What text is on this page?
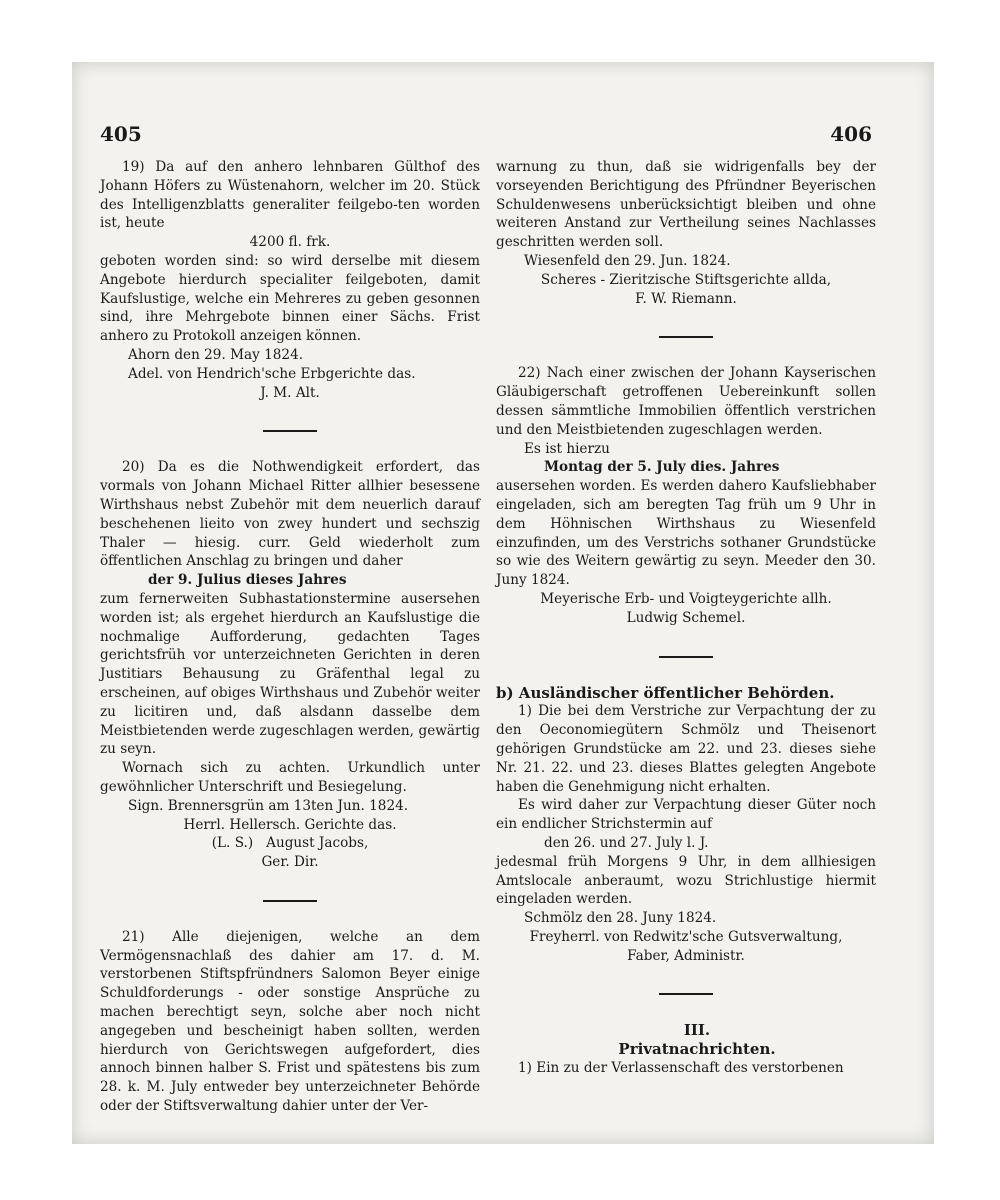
405	406

19) Da auf den anhero lehnbaren Gülthof des Johann Höfers zu Wüstenahorn, welcher im 20. Stück des Intelligenzblatts generaliter feilgebo-ten worden ist, heute

4200 fl. frk.

geboten worden sind: so wird derselbe mit diesem Angebote hierdurch specialiter feilgeboten, damit Kaufslustige, welche ein Mehreres zu geben gesonnen sind, ihre Mehrgebote binnen einer Sächs. Frist anhero zu Protokoll anzeigen können.

Ahorn den 29. May 1824.

Adel. von Hendrich'sche Erbgerichte das.

J. M. Alt.

20) Da es die Nothwendigkeit erfordert, das vormals von Johann Michael Ritter allhier besessene Wirthshaus nebst Zubehör mit dem neuerlich darauf beschehenen lieito von zwey hundert und sechszig Thaler — hiesig. curr. Geld wiederholt zum öffentlichen Anschlag zu bringen und daher

der 9. Julius dieses Jahres

zum fernerweiten Subhastationstermine ausersehen worden ist; als ergehet hierdurch an Kaufslustige die nochmalige Aufforderung, gedachten Tages gerichtsfrüh vor unterzeichneten Gerichten in deren Justitiars Behausung zu Gräfenthal legal zu erscheinen, auf obiges Wirthshaus und Zubehör weiter zu licitiren und, daß alsdann dasselbe dem Meistbietenden werde zugeschlagen werden, gewärtig zu seyn.

Wornach sich zu achten. Urkundlich unter gewöhnlicher Unterschrift und Besiegelung.

Sign. Brennersgrün am 13ten Jun. 1824.

Herrl. Hellersch. Gerichte das.

(L. S.) August Jacobs,

Ger. Dir.

21) Alle diejenigen, welche an dem Vermögensnachlaß des dahier am 17. d. M. verstorbenen Stiftspfründners Salomon Beyer einige Schuldforderungs - oder sonstige Ansprüche zu machen berechtigt seyn, solche aber noch nicht angegeben und bescheinigt haben sollten, werden hierdurch von Gerichtswegen aufgefordert, dies annoch binnen halber S. Frist und spätestens bis zum 28. k. M. July entweder bey unterzeichneter Behörde oder der Stiftsverwaltung dahier unter der Ver-

warnung zu thun, daß sie widrigenfalls bey der vorseyenden Berichtigung des Pfründner Beyerischen Schuldenwesens unberücksichtigt bleiben und ohne weiteren Anstand zur Vertheilung seines Nachlasses geschritten werden soll.

Wiesenfeld den 29. Jun. 1824.

Scheres - Zieritzische Stiftsgerichte allda,

F. W. Riemann.

22) Nach einer zwischen der Johann Kayserischen Gläubigerschaft getroffenen Uebereinkunft sollen dessen sämmtliche Immobilien öffentlich verstrichen und den Meistbietenden zugeschlagen werden.

Es ist hierzu

Montag der 5. July dies. Jahres

ausersehen worden. Es werden dahero Kaufsliebhaber eingeladen, sich am beregten Tag früh um 9 Uhr in dem Höhnischen Wirthshaus zu Wiesenfeld einzufinden, um des Verstrichs sothaner Grundstücke so wie des Weitern gewärtig zu seyn. Meeder den 30. Juny 1824.

Meyerische Erb- und Voigteygerichte allh.

Ludwig Schemel.

b) Ausländischer öffentlicher Behörden.

1) Die bei dem Verstriche zur Verpachtung der zu den Oeconomiegütern Schmölz und Theisenort gehörigen Grundstücke am 22. und 23. dieses siehe Nr. 21. 22. und 23. dieses Blattes gelegten Angebote haben die Genehmigung nicht erhalten.

Es wird daher zur Verpachtung dieser Güter noch ein endlicher Strichstermin auf

den 26. und 27. July l. J.

jedesmal früh Morgens 9 Uhr, in dem allhiesigen Amtslocale anberaumt, wozu Strichlustige hiermit eingeladen werden.

Schmölz den 28. Juny 1824.

Freyherrl. von Redwitz'sche Gutsverwaltung,

Faber, Administr.

III.

Privatnachrichten.

1) Ein zu der Verlassenschaft des verstorbenen
